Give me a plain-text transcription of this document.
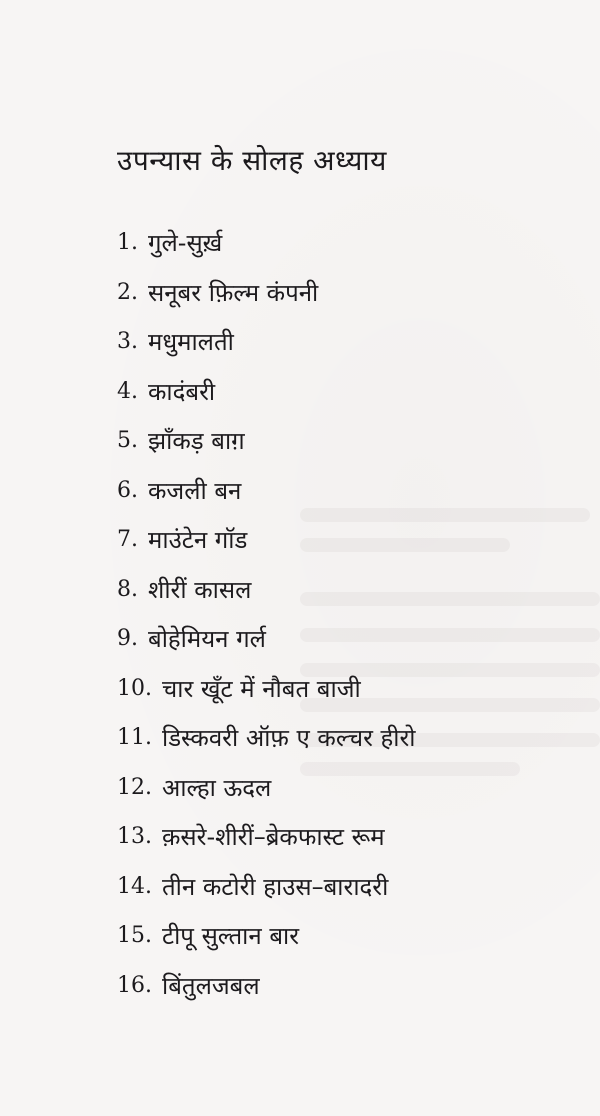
उपन्यास के सोलह अध्याय
1. गुले-सुर्ख़
2. सनूबर फ़िल्म कंपनी
3. मधुमालती
4. कादंबरी
5. झाँकड़ बाग़
6. कजली बन
7. माउंटेन गॉड
8. शीरीं कासल
9. बोहेमियन गर्ल
10. चार खूँट में नौबत बाजी
11. डिस्कवरी ऑफ़ ए कल्चर हीरो
12. आल्हा ऊदल
13. क़सरे-शीरीं–ब्रेकफास्ट रूम
14. तीन कटोरी हाउस–बारादरी
15. टीपू सुल्तान बार
16. बिंतुलजबल
